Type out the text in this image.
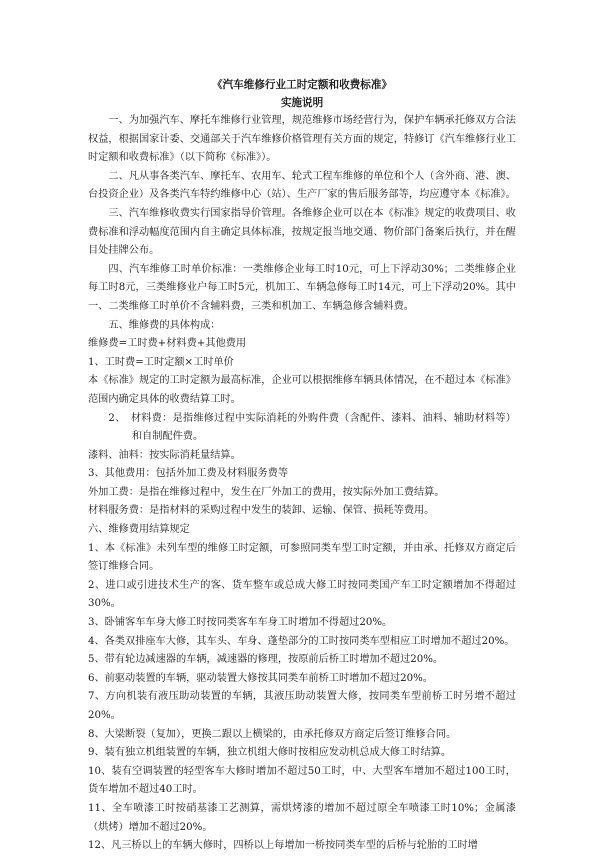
《汽车维修行业工时定额和收费标准》
实施说明

一、为加强汽车、摩托车维修行业管理，规范维修市场经营行为，保护车辆承托修双方合法权益，根据国家计委、交通部关于汽车维修价格管理有关方面的规定，特修订《汽车维修行业工时定额和收费标准》（以下简称《标准》）。

二、凡从事各类汽车、摩托车、农用车、轮式工程车维修的单位和个人（含外商、港、澳、台投资企业）及各类汽车特约维修中心（站）、生产厂家的售后服务部等，均应遵守本《标准》。

三、汽车维修收费实行国家指导价管理。各维修企业可以在本《标准》规定的收费项目、收费标准和浮动幅度范围内自主确定具体标准，按规定报当地交通、物价部门备案后执行，并在醒目处挂牌公布。

四、汽车维修工时单价标准：一类维修企业每工时10元，可上下浮动30%；二类维修企业每工时8元，三类维修业户每工时5元，机加工、车辆急修每工时14元，可上下浮动20%。其中一、二类维修工时单价不含辅料费，三类和机加工、车辆急修含辅料费。

五、维修费的具体构成：

维修费=工时费+材料费+其他费用

1、工时费=工时定额×工时单价

本《标准》规定的工时定额为最高标准，企业可以根据维修车辆具体情况，在不超过本《标准》范围内确定具体的收费结算工时。

2、　材料费：是指维修过程中实际消耗的外购件费（含配件、漆料、油料、辅助材料等）和自制配件费。

漆料、油料：按实际消耗量结算。

3、其他费用：包括外加工费及材料服务费等

外加工费：是指在维修过程中，发生在厂外加工的费用，按实际外加工费结算。

材料服务费：是指材料的采购过程中发生的装卸、运输、保管、损耗等费用。

六、维修费用结算规定

1、本《标准》未列车型的维修工时定额，可参照同类车型工时定额，并由承、托修双方商定后签订维修合同。

2、进口或引进技术生产的客、货车整车或总成大修工时按同类国产车工时定额增加不得超过30%。

3、卧铺客车车身大修工时按同类客车车身工时增加不得超过20%。

4、各类双排座车大修，其车头、车身、蓬垫部分的工时按同类车型相应工时增加不超过20%。

5、带有轮边减速器的车辆，减速器的修理，按原前后桥工时增加不超过20%。

6、前驱动装置的车辆，驱动装置大修按其同类车前桥工时增加不超过20%。

7、方向机装有液压助动装置的车辆，其液压助动装置大修，按同类车型前桥工时另增不超过20%。

8、大梁断裂（复加），更换二跟以上横梁的，由承托修双方商定后签订维修合同。

9、装有独立机组装置的车辆，独立机组大修时按相应发动机总成大修工时结算。

10、装有空调装置的轻型客车大修时增加不超过50工时，中、大型客车增加不超过100工时，货车增加不超过40工时。

11、全车喷漆工时按硝基漆工艺测算，需烘烤漆的增加不超过原全车喷漆工时10%；金属漆（烘烤）增加不超过20%。

12、凡三桥以上的车辆大修时，四桥以上每增加一桥按同类车型的后桥与轮胎的工时增
